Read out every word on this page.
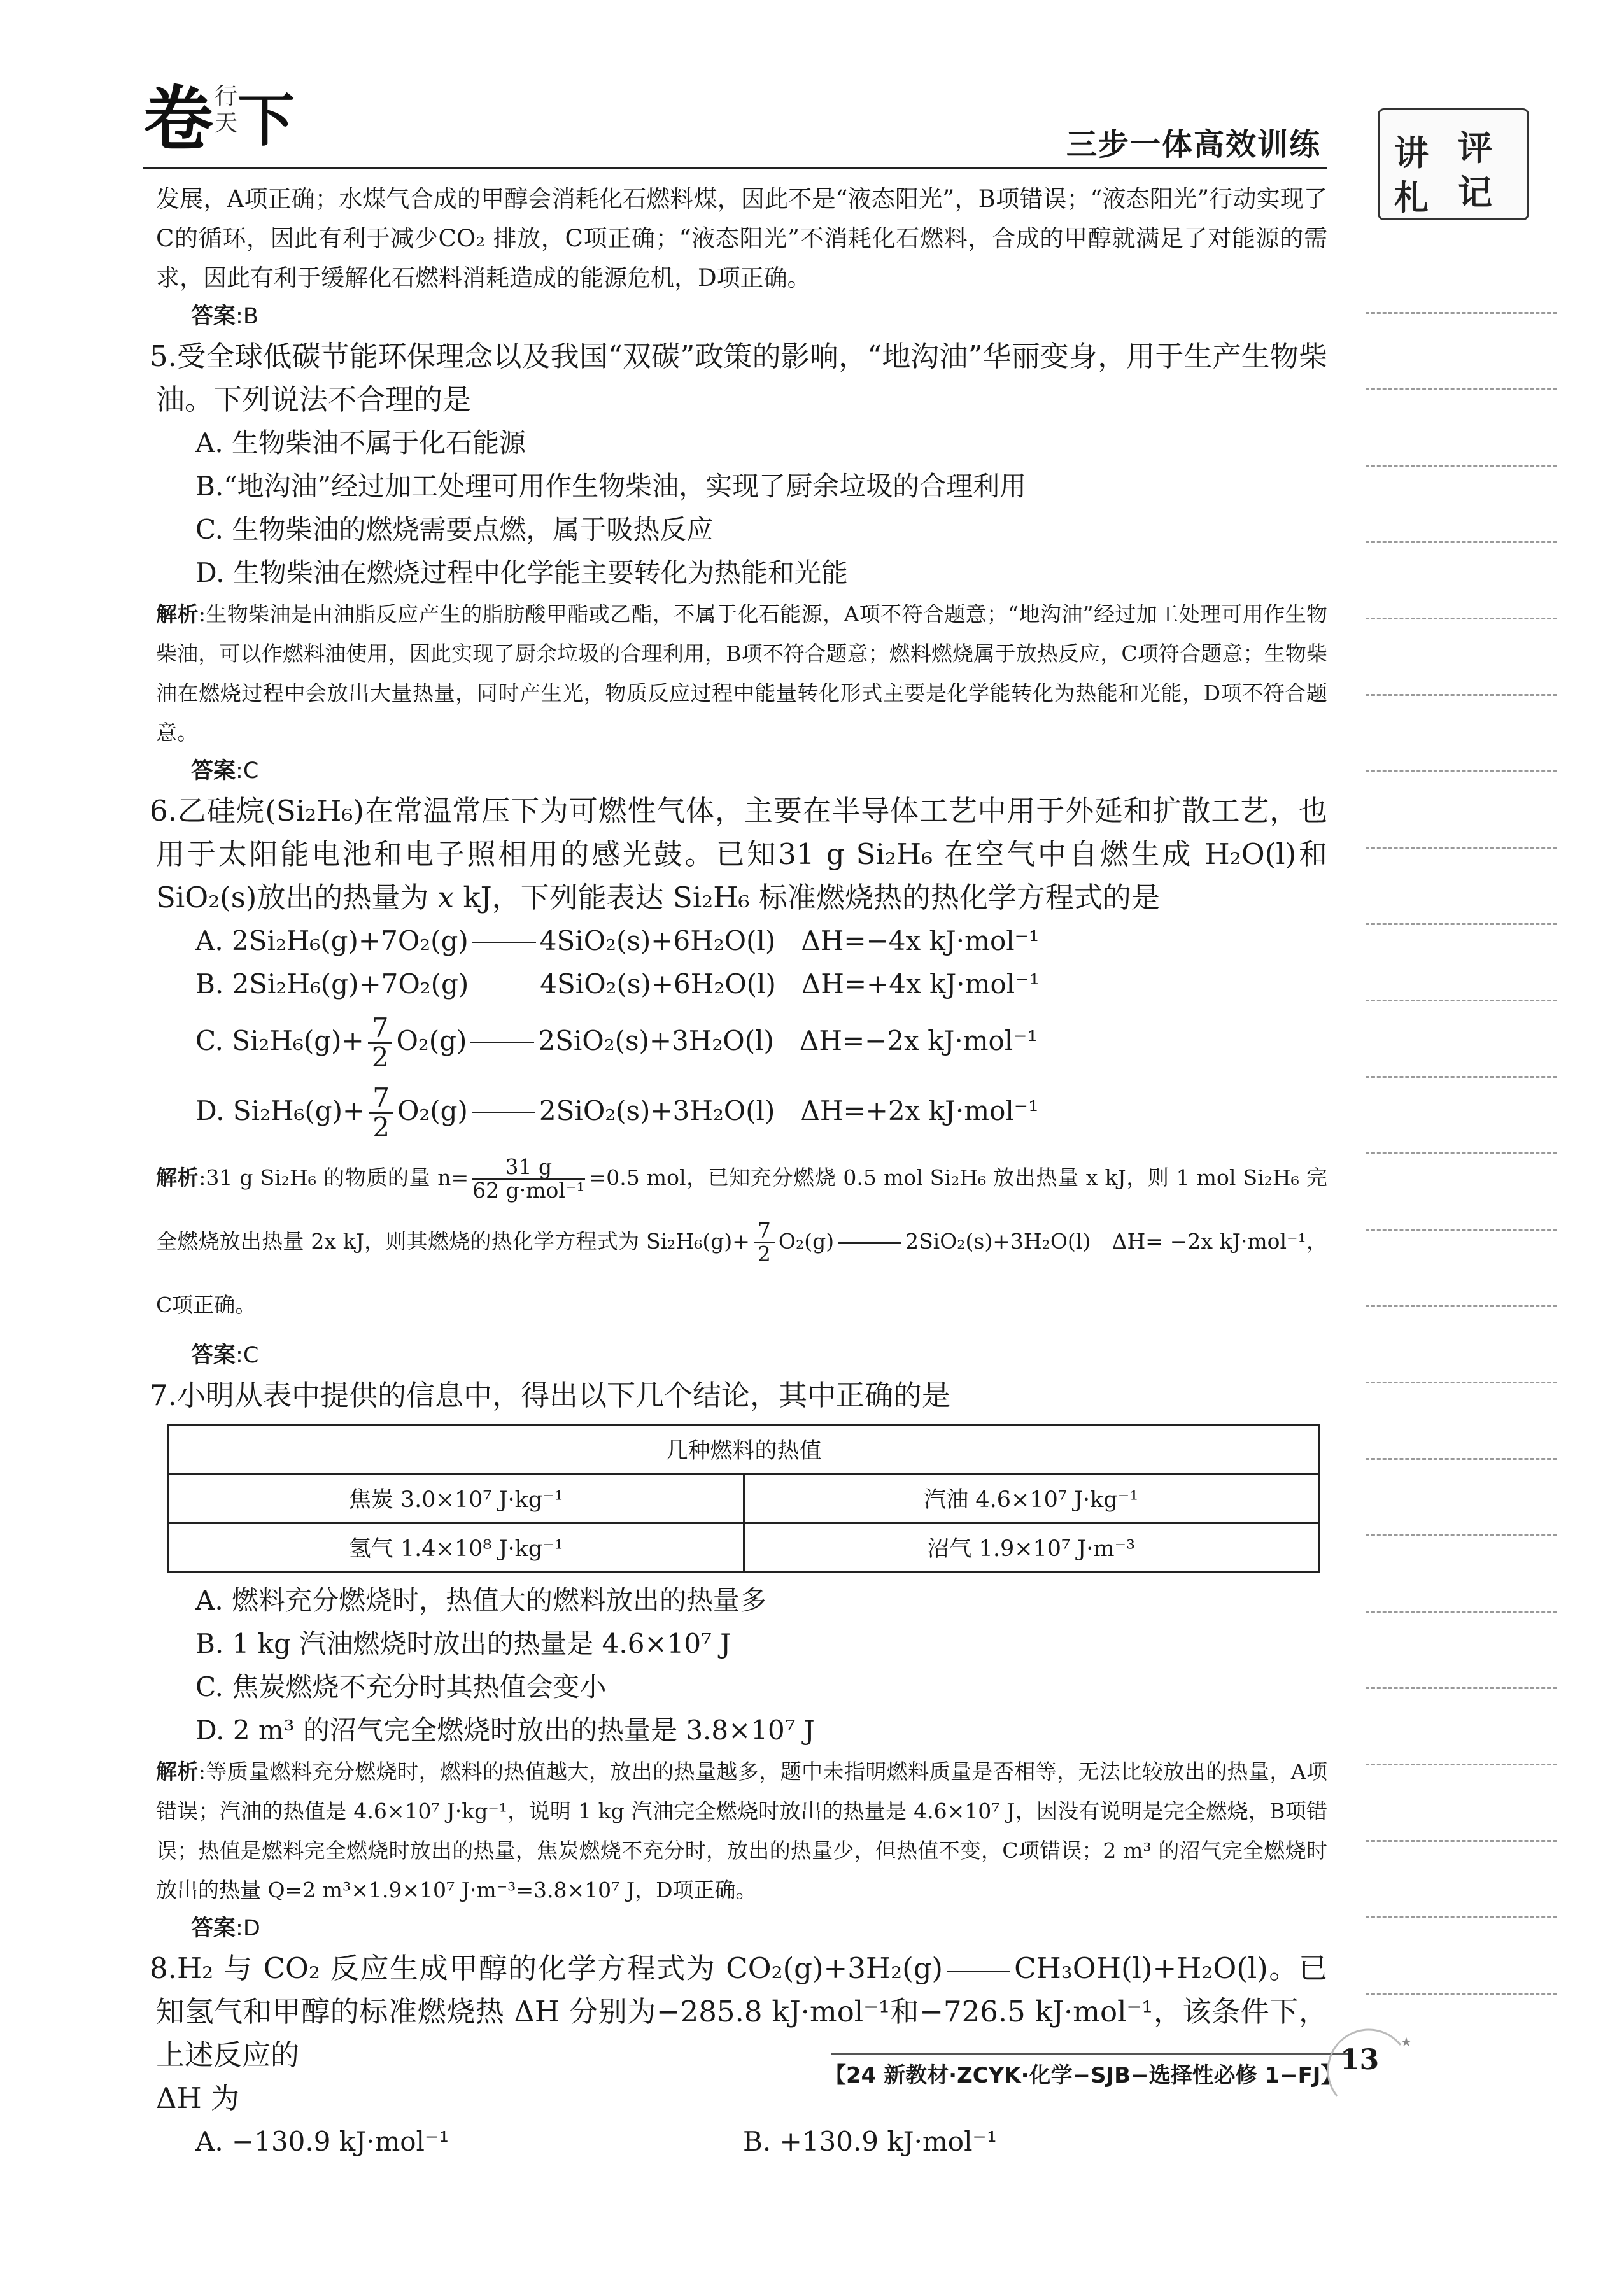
卷 行
天 下	三步一体高效训练 讲 评
札 记
发展，A项正确；水煤气合成的甲醇会消耗化石燃料煤，因此不是“液态阳光”，B项错误；“液态阳光”行动实现了C的循环，因此有利于减少CO₂ 排放，C项正确；“液态阳光”不消耗化石燃料，合成的甲醇就满足了对能源的需求，因此有利于缓解化石燃料消耗造成的能源危机，D项正确。
答案:B

5.受全球低碳节能环保理念以及我国“双碳”政策的影响，“地沟油”华丽变身，用于生产生物柴油。下列说法不合理的是

A. 生物柴油不属于化石能源
B.“地沟油”经过加工处理可用作生物柴油，实现了厨余垃圾的合理利用
C. 生物柴油的燃烧需要点燃，属于吸热反应
D. 生物柴油在燃烧过程中化学能主要转化为热能和光能
解析:生物柴油是由油脂反应产生的脂肪酸甲酯或乙酯，不属于化石能源，A项不符合题意；“地沟油”经过加工处理可用作生物柴油，可以作燃料油使用，因此实现了厨余垃圾的合理利用，B项不符合题意；燃料燃烧属于放热反应，C项符合题意；生物柴油在燃烧过程中会放出大量热量，同时产生光，物质反应过程中能量转化形式主要是化学能转化为热能和光能，D项不符合题意。
答案:C

6.乙硅烷(Si₂H₆)在常温常压下为可燃性气体，主要在半导体工艺中用于外延和扩散工艺，也用于太阳能电池和电子照相用的感光鼓。已知31 g Si₂H₆ 在空气中自燃生成 H₂O(l)和SiO₂(s)放出的热量为 x kJ，下列能表达 Si₂H₆ 标准燃烧热的热化学方程式的是

A. 2Si₂H₆(g)+7O₂(g)	4SiO₂(s)+6H₂O(l) ΔH=−4x kJ·mol⁻¹
B. 2Si₂H₆(g)+7O₂(g)	4SiO₂(s)+6H₂O(l) ΔH=+4x kJ·mol⁻¹
C. $Si_2H_6(g)+ \frac{7}{2} O_2(g)$	2SiO₂(s)+3H₂O(l) ΔH=−2x kJ·mol⁻¹
D. $Si_2H_6(g)+ \frac{7}{2} O_2(g)$	2SiO₂(s)+3H₂O(l) ΔH=+2x kJ·mol⁻¹
解析:31 g Si₂H₆ 的物质的量 $n= \frac{31 g}{\text{62 g·mol⁻¹}} =0.5$ mol，已知充分燃烧 0.5 mol Si₂H₆ 放出热量 x kJ，则 1 mol Si₂H₆ 完全燃烧放出热量 2x kJ，则其燃烧的热化学方程式为 $Si_2H_6(g)+ \frac{7}{2} O_2(g)$	2SiO₂(s)+3H₂O(l)　ΔH= −2x kJ·mol⁻¹，C项正确。
答案:C

7.小明从表中提供的信息中，得出以下几个结论，其中正确的是

几种燃料的热值	
焦炭 3.0×10⁷ J·kg⁻¹	汽油 4.6×10⁷ J·kg⁻¹
氢气 1.4×10⁸ J·kg⁻¹	沼气 1.9×10⁷ J·m⁻³
A. 燃料充分燃烧时，热值大的燃料放出的热量多
B. 1 kg 汽油燃烧时放出的热量是 4.6×10⁷ J
C. 焦炭燃烧不充分时其热值会变小
D. 2 m³ 的沼气完全燃烧时放出的热量是 3.8×10⁷ J
解析:等质量燃料充分燃烧时，燃料的热值越大，放出的热量越多，题中未指明燃料质量是否相等，无法比较放出的热量，A项错误；汽油的热值是 4.6×10⁷ J·kg⁻¹，说明 1 kg 汽油完全燃烧时放出的热量是 4.6×10⁷ J，因没有说明是完全燃烧，B项错误；热值是燃料完全燃烧时放出的热量，焦炭燃烧不充分时，放出的热量少，但热值不变，C项错误；2 m³ 的沼气完全燃烧时放出的热量 Q=2 m³×1.9×10⁷ J·m⁻³=3.8×10⁷ J，D项正确。
答案:D

8.H₂ 与 CO₂ 反应生成甲醇的化学方程式为 CO₂(g)+3H₂(g) CH₃OH(l)+H₂O(l)。已知氢气和甲醇的标准燃烧热 ΔH 分别为−285.8 kJ·mol⁻¹和−726.5 kJ·mol⁻¹，该条件下，上述反应的
ΔH 为

A. −130.9 kJ·mol⁻¹	B. +130.9 kJ·mol⁻¹
【24 新教材·ZCYK·化学−SJB−选择性必修 1−FJ】
★
13
